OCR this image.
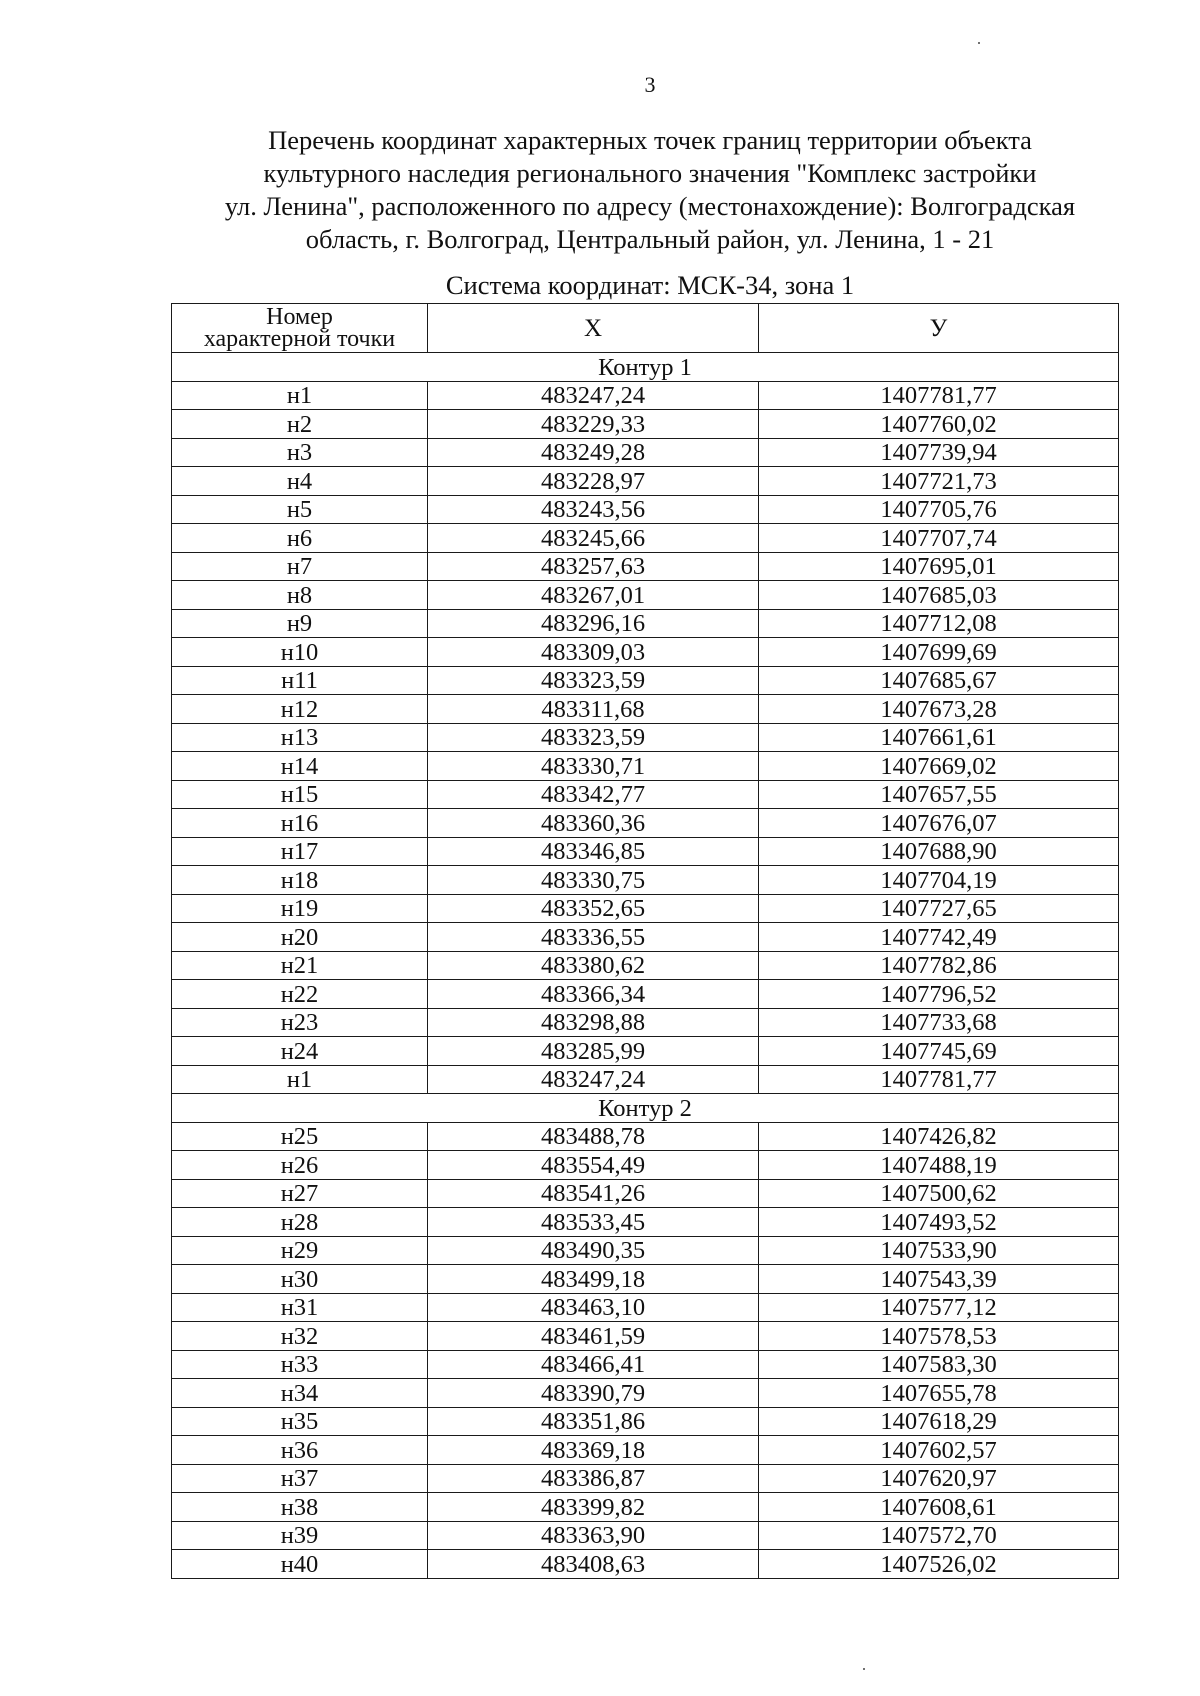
3
Перечень координат характерных точек границ территории объекта
культурного наследия регионального значения "Комплекс застройки
ул. Ленина", расположенного по адресу (местонахождение): Волгоградская
область, г. Волгоград, Центральный район, ул. Ленина, 1 - 21
Система координат: МСК-34, зона 1
Номер
характерной точки	X	У
Контур 1		
н1	483247,24	1407781,77
н2	483229,33	1407760,02
н3	483249,28	1407739,94
н4	483228,97	1407721,73
н5	483243,56	1407705,76
н6	483245,66	1407707,74
н7	483257,63	1407695,01
н8	483267,01	1407685,03
н9	483296,16	1407712,08
н10	483309,03	1407699,69
н11	483323,59	1407685,67
н12	483311,68	1407673,28
н13	483323,59	1407661,61
н14	483330,71	1407669,02
н15	483342,77	1407657,55
н16	483360,36	1407676,07
н17	483346,85	1407688,90
н18	483330,75	1407704,19
н19	483352,65	1407727,65
н20	483336,55	1407742,49
н21	483380,62	1407782,86
н22	483366,34	1407796,52
н23	483298,88	1407733,68
н24	483285,99	1407745,69
н1	483247,24	1407781,77
Контур 2		
н25	483488,78	1407426,82
н26	483554,49	1407488,19
н27	483541,26	1407500,62
н28	483533,45	1407493,52
н29	483490,35	1407533,90
н30	483499,18	1407543,39
н31	483463,10	1407577,12
н32	483461,59	1407578,53
н33	483466,41	1407583,30
н34	483390,79	1407655,78
н35	483351,86	1407618,29
н36	483369,18	1407602,57
н37	483386,87	1407620,97
н38	483399,82	1407608,61
н39	483363,90	1407572,70
н40	483408,63	1407526,02
